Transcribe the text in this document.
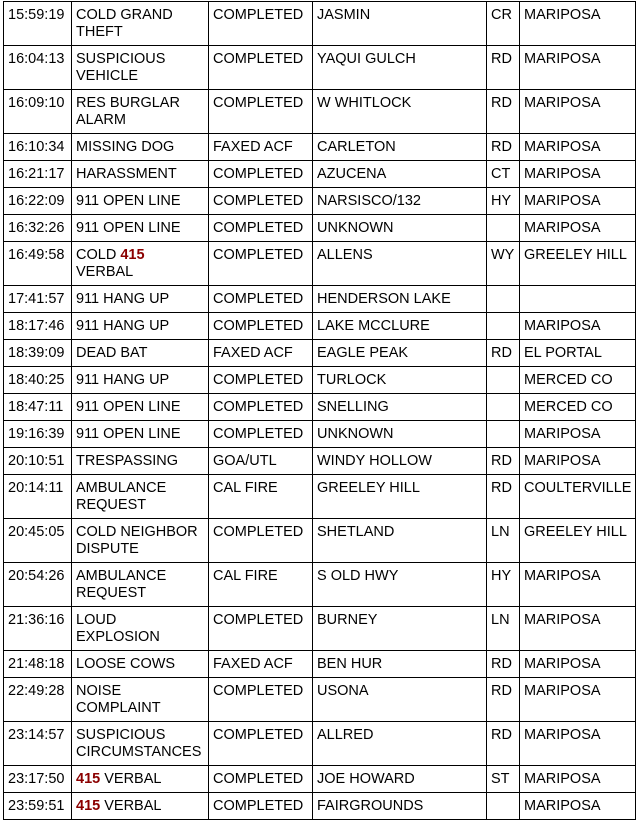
15:59:19	COLD GRAND THEFT	COMPLETED	JASMIN	CR	MARIPOSA
16:04:13	SUSPICIOUS VEHICLE	COMPLETED	YAQUI GULCH	RD	MARIPOSA
16:09:10	RES BURGLAR ALARM	COMPLETED	W WHITLOCK	RD	MARIPOSA
16:10:34	MISSING DOG	FAXED ACF	CARLETON	RD	MARIPOSA
16:21:17	HARASSMENT	COMPLETED	AZUCENA	CT	MARIPOSA
16:22:09	911 OPEN LINE	COMPLETED	NARSISCO/132	HY	MARIPOSA
16:32:26	911 OPEN LINE	COMPLETED	UNKNOWN		MARIPOSA
16:49:58	COLD 415 VERBAL	COMPLETED	ALLENS	WY	GREELEY HILL
17:41:57	911 HANG UP	COMPLETED	HENDERSON LAKE		
18:17:46	911 HANG UP	COMPLETED	LAKE MCCLURE		MARIPOSA
18:39:09	DEAD BAT	FAXED ACF	EAGLE PEAK	RD	EL PORTAL
18:40:25	911 HANG UP	COMPLETED	TURLOCK		MERCED CO
18:47:11	911 OPEN LINE	COMPLETED	SNELLING		MERCED CO
19:16:39	911 OPEN LINE	COMPLETED	UNKNOWN		MARIPOSA
20:10:51	TRESPASSING	GOA/UTL	WINDY HOLLOW	RD	MARIPOSA
20:14:11	AMBULANCE REQUEST	CAL FIRE	GREELEY HILL	RD	COULTERVILLE
20:45:05	COLD NEIGHBOR DISPUTE	COMPLETED	SHETLAND	LN	GREELEY HILL
20:54:26	AMBULANCE REQUEST	CAL FIRE	S OLD HWY	HY	MARIPOSA
21:36:16	LOUD EXPLOSION	COMPLETED	BURNEY	LN	MARIPOSA
21:48:18	LOOSE COWS	FAXED ACF	BEN HUR	RD	MARIPOSA
22:49:28	NOISE COMPLAINT	COMPLETED	USONA	RD	MARIPOSA
23:14:57	SUSPICIOUS CIRCUMSTANCES	COMPLETED	ALLRED	RD	MARIPOSA
23:17:50	415 VERBAL	COMPLETED	JOE HOWARD	ST	MARIPOSA
23:59:51	415 VERBAL	COMPLETED	FAIRGROUNDS		MARIPOSA
